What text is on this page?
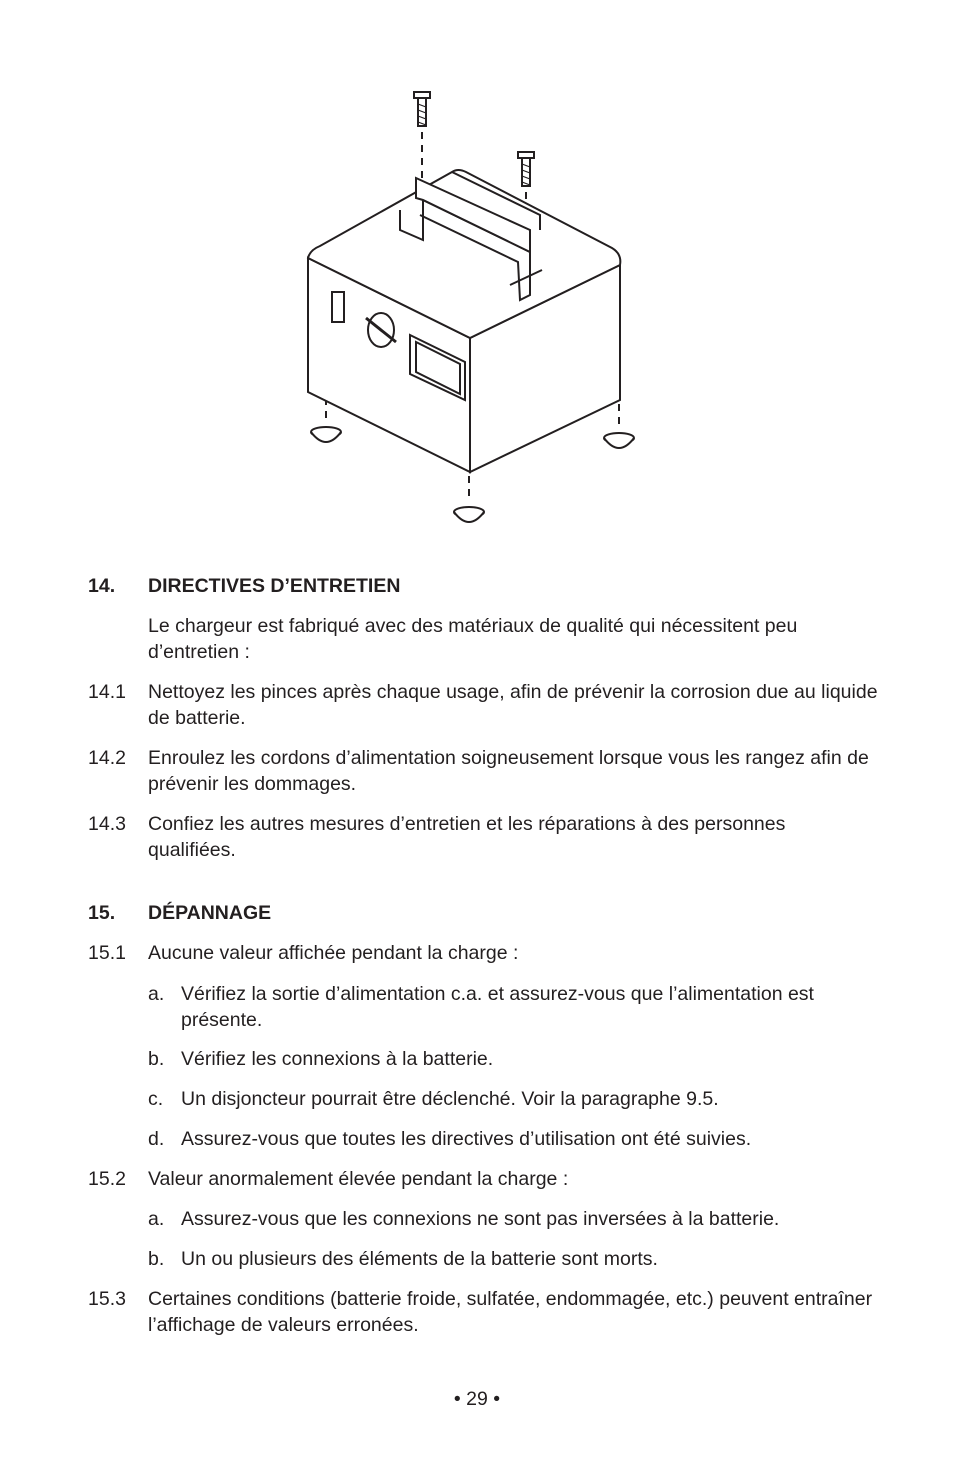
14. DIRECTIVES D’ENTRETIEN
Le chargeur est fabriqué avec des matériaux de qualité qui nécessitent peu d’entretien :
14.1 Nettoyez les pinces après chaque usage, afin de prévenir la corrosion due au liquide de batterie.
14.2 Enroulez les cordons d’alimentation soigneusement lorsque vous les rangez afin de prévenir les dommages.
14.3 Confiez les autres mesures d’entretien et les réparations à des personnes qualifiées.
15. DÉPANNAGE
15.1 Aucune valeur affichée pendant la charge :
a. Vérifiez la sortie d’alimentation c.a. et assurez-vous que l’alimentation est présente.
b. Vérifiez les connexions à la batterie.
c. Un disjoncteur pourrait être déclenché. Voir la paragraphe 9.5.
d. Assurez-vous que toutes les directives d’utilisation ont été suivies.
15.2 Valeur anormalement élevée pendant la charge :
a. Assurez-vous que les connexions ne sont pas inversées à la batterie.
b. Un ou plusieurs des éléments de la batterie sont morts.
15.3 Certaines conditions (batterie froide, sulfatée, endommagée, etc.) peuvent entraîner l’affichage de valeurs erronées.
• 29 •
